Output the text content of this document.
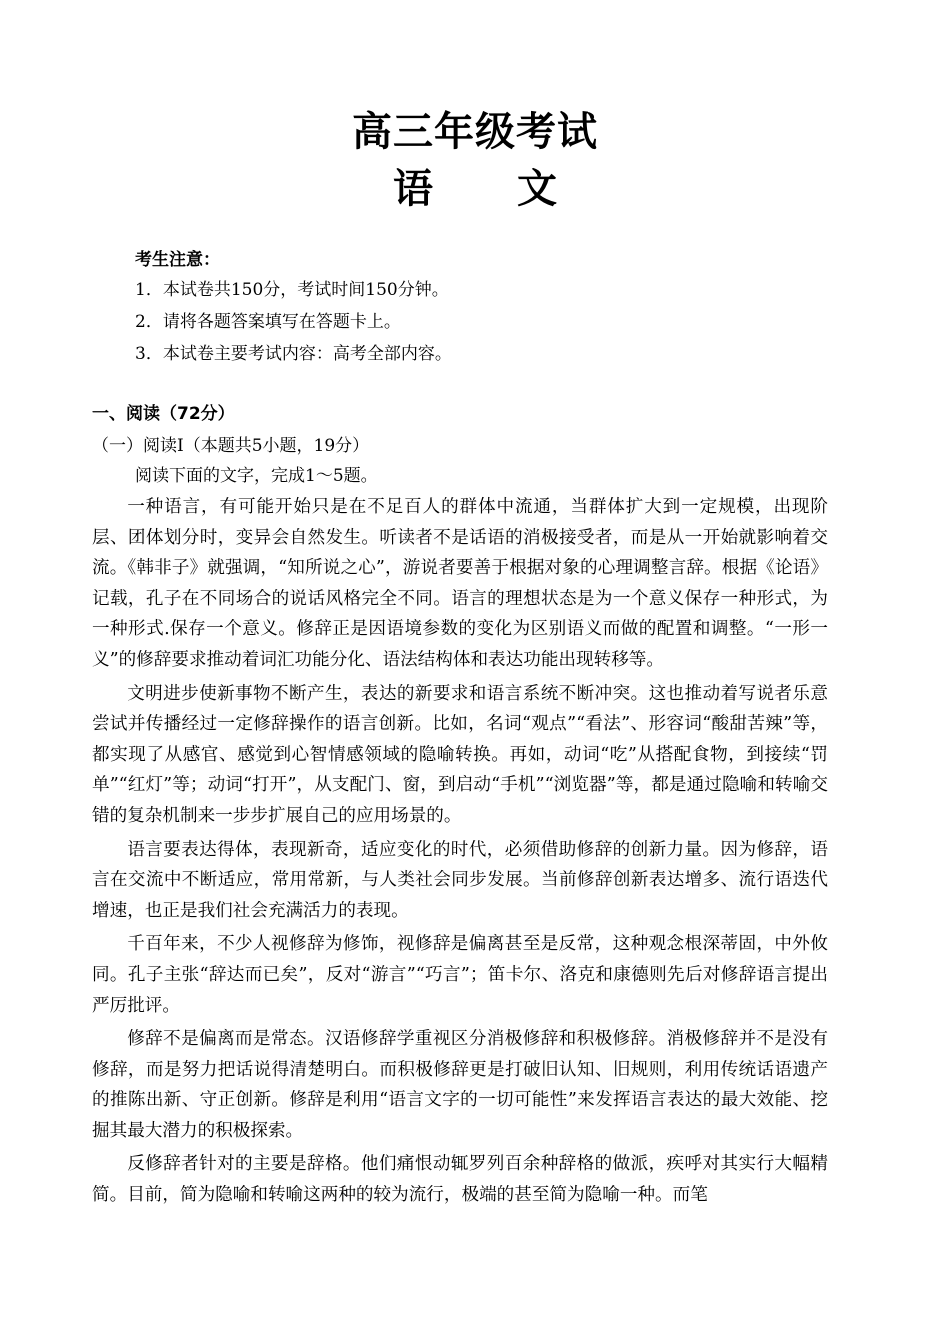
高三年级考试
语 文
考生注意：
1．本试卷共150分，考试时间150分钟。
2．请将各题答案填写在答题卡上。
3．本试卷主要考试内容：高考全部内容。
一、阅读（72分）
（一）阅读Ⅰ（本题共5小题，19分）
阅读下面的文字，完成1～5题。

一种语言，有可能开始只是在不足百人的群体中流通，当群体扩大到一定规模，出现阶层、团体划分时，变异会自然发生。听读者不是话语的消极接受者，而是从一开始就影响着交流。《韩非子》就强调，“知所说之心”，游说者要善于根据对象的心理调整言辞。根据《论语》记载，孔子在不同场合的说话风格完全不同。语言的理想状态是为一个意义保存一种形式，为一种形式.保存一个意义。修辞正是因语境参数的变化为区别语义而做的配置和调整。“一形一义”的修辞要求推动着词汇功能分化、语法结构体和表达功能出现转移等。

文明进步使新事物不断产生，表达的新要求和语言系统不断冲突。这也推动着写说者乐意尝试并传播经过一定修辞操作的语言创新。比如，名词“观点”“看法”、形容词“酸甜苦辣”等，都实现了从感官、感觉到心智情感领域的隐喻转换。再如，动词“吃”从搭配食物，到接续“罚单”“红灯”等；动词“打开”，从支配门、窗，到启动“手机”“浏览器”等，都是通过隐喻和转喻交错的复杂机制来一步步扩展自己的应用场景的。

语言要表达得体，表现新奇，适应变化的时代，必须借助修辞的创新力量。因为修辞，语言在交流中不断适应，常用常新，与人类社会同步发展。当前修辞创新表达增多、流行语迭代增速，也正是我们社会充满活力的表现。

千百年来，不少人视修辞为修饰，视修辞是偏离甚至是反常，这种观念根深蒂固，中外攸同。孔子主张“辞达而已矣”，反对“游言”“巧言”；笛卡尔、洛克和康德则先后对修辞语言提出严厉批评。

修辞不是偏离而是常态。汉语修辞学重视区分消极修辞和积极修辞。消极修辞并不是没有修辞，而是努力把话说得清楚明白。而积极修辞更是打破旧认知、旧规则，利用传统话语遗产的推陈出新、守正创新。修辞是利用“语言文字的一切可能性”来发挥语言表达的最大效能、挖掘其最大潜力的积极探索。

反修辞者针对的主要是辞格。他们痛恨动辄罗列百余种辞格的做派，疾呼对其实行大幅精简。目前，简为隐喻和转喻这两种的较为流行，极端的甚至简为隐喻一种。而笔
